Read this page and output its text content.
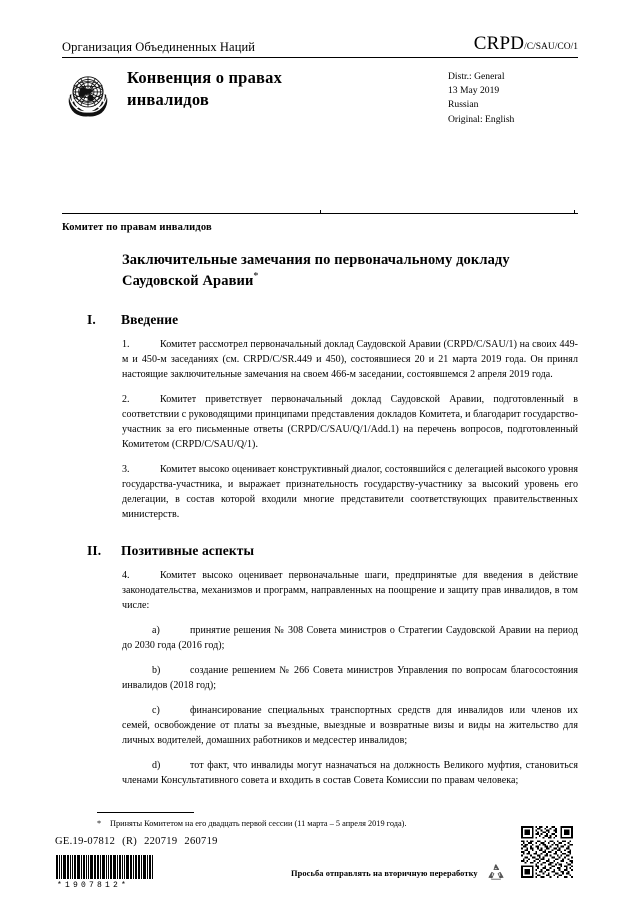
Организация Объединенных Наций	CRPD /C/SAU/CO/1
Конвенция о правах инвалидов
Distr.: General
13 May 2019
Russian
Original: English
Комитет по правам инвалидов
Заключительные замечания по первоначальному докладу Саудовской Аравии*
I.	Введение

1.	Комитет рассмотрел первоначальный доклад Саудовской Аравии (CRPD/C/SAU/1) на своих 449-м и 450-м заседаниях (см. CRPD/C/SR.449 и 450), состоявшиеся 20 и 21 марта 2019 года. Он принял настоящие заключительные замечания на своем 466-м заседании, состоявшемся 2 апреля 2019 года.

2.	Комитет приветствует первоначальный доклад Саудовской Аравии, подготовленный в соответствии с руководящими принципами представления докладов Комитета, и благодарит государство-участник за его письменные ответы (CRPD/C/SAU/Q/1/Add.1) на перечень вопросов, подготовленный Комитетом (CRPD/C/SAU/Q/1).

3.	Комитет высоко оценивает конструктивный диалог, состоявшийся с делегацией высокого уровня государства-участника, и выражает признательность государству-участнику за высокий уровень его делегации, в состав которой входили многие представители соответствующих правительственных министерств.

II.	Позитивные аспекты

4.	Комитет высоко оценивает первоначальные шаги, предпринятые для введения в действие законодательства, механизмов и программ, направленных на поощрение и защиту прав инвалидов, в том числе:

a)	принятие решения № 308 Совета министров о Стратегии Саудовской Аравии на период до 2030 года (2016 год);

b)	создание решением № 266 Совета министров Управления по вопросам благосостояния инвалидов (2018 год);

c)	финансирование специальных транспортных средств для инвалидов или членов их семей, освобождение от платы за въездные, выездные и возвратные визы и виды на жительство для личных водителей, домашних работников и медсестер инвалидов;

d)	тот факт, что инвалиды могут назначаться на должность Великого муфтия, становиться членами Консультативного совета и входить в состав Совета Комиссии по правам человека;

* Приняты Комитетом на его двадцать первой сессии (11 марта – 5 апреля 2019 года).
GE.19-07812 (R) 220719 260719
*1907812*
Просьба отправлять на вторичную переработку
